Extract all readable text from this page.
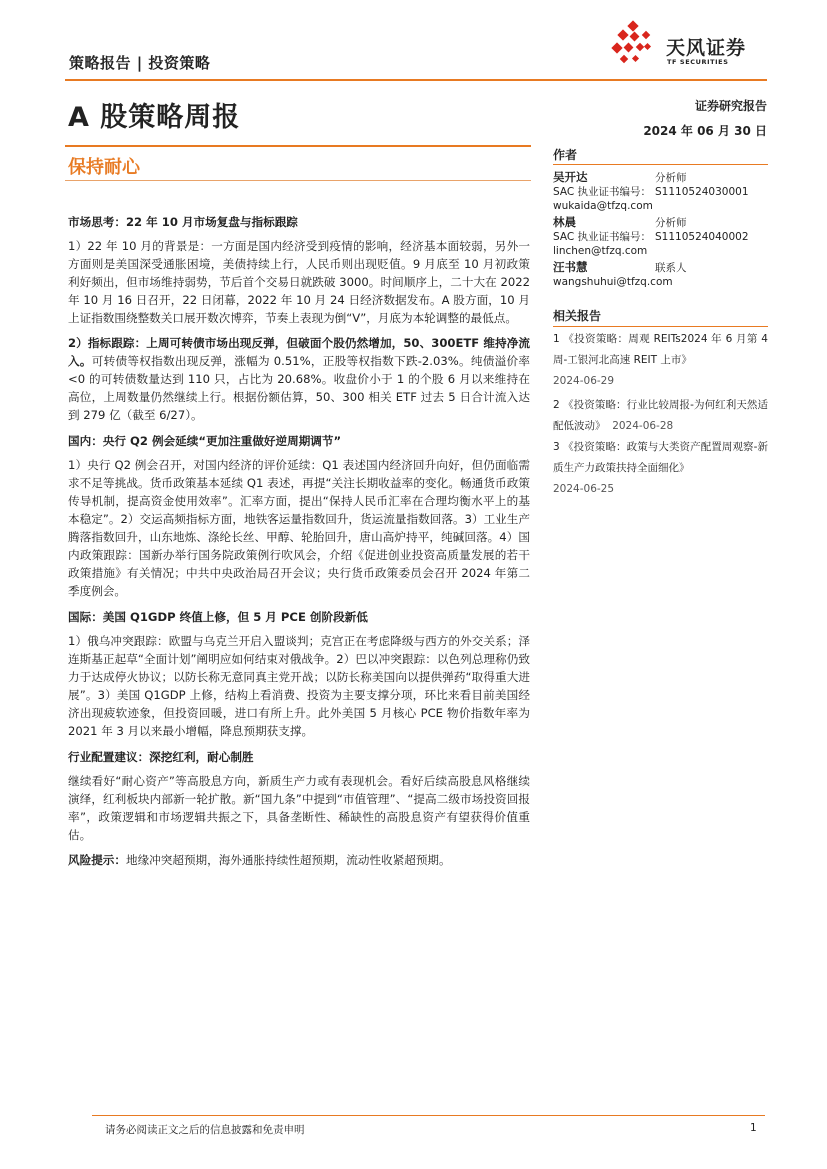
策略报告 | 投资策略
天风证券
TF SECURITIES
A 股策略周报	证券研究报告
2024 年 06 月 30 日
保持耐心
市场思考：22 年 10 月市场复盘与指标跟踪

1）22 年 10 月的背景是：一方面是国内经济受到疫情的影响，经济基本面较弱，另外一方面则是美国深受通胀困境，美债持续上行，人民币则出现贬值。9 月底至 10 月初政策利好频出，但市场维持弱势，节后首个交易日就跌破 3000。时间顺序上，二十大在 2022 年 10 月 16 日召开，22 日闭幕，2022 年 10 月 24 日经济数据发布。A 股方面，10 月上证指数围绕整数关口展开数次博弈，节奏上表现为倒“V”，月底为本轮调整的最低点。

2）指标跟踪：上周可转债市场出现反弹，但破面个股仍然增加，50、300ETF 维持净流入。可转债等权指数出现反弹，涨幅为 0.51%，正股等权指数下跌-2.03%。纯债溢价率<0 的可转债数量达到 110 只，占比为 20.68%。收盘价小于 1 的个股 6 月以来维持在高位，上周数量仍然继续上行。根据份额估算，50、300 相关 ETF 过去 5 日合计流入达到 279 亿（截至 6/27）。

国内：央行 Q2 例会延续“更加注重做好逆周期调节”

1）央行 Q2 例会召开，对国内经济的评价延续：Q1 表述国内经济回升向好，但仍面临需求不足等挑战。货币政策基本延续 Q1 表述，再提“关注长期收益率的变化。畅通货币政策传导机制，提高资金使用效率”。汇率方面，提出“保持人民币汇率在合理均衡水平上的基本稳定”。2）交运高频指标方面，地铁客运量指数回升，货运流量指数回落。3）工业生产腾落指数回升，山东地炼、涤纶长丝、甲醇、轮胎回升，唐山高炉持平，纯碱回落。4）国内政策跟踪：国新办举行国务院政策例行吹风会，介绍《促进创业投资高质量发展的若干政策措施》有关情况；中共中央政治局召开会议；央行货币政策委员会召开 2024 年第二季度例会。

国际：美国 Q1GDP 终值上修，但 5 月 PCE 创阶段新低

1）俄乌冲突跟踪：欧盟与乌克兰开启入盟谈判；克宫正在考虑降级与西方的外交关系；泽连斯基正起草“全面计划”阐明应如何结束对俄战争。2）巴以冲突跟踪：以色列总理称仍致力于达成停火协议；以防长称无意同真主党开战；以防长称美国向以提供弹药“取得重大进展”。3）美国 Q1GDP 上修，结构上看消费、投资为主要支撑分项，环比来看目前美国经济出现疲软迹象，但投资回暖，进口有所上升。此外美国 5 月核心 PCE 物价指数年率为 2021 年 3 月以来最小增幅，降息预期获支撑。

行业配置建议：深挖红利，耐心制胜

继续看好“耐心资产”等高股息方向，新质生产力或有表现机会。看好后续高股息风格继续演绎，红利板块内部新一轮扩散。新“国九条”中提到“市值管理”、“提高二级市场投资回报率”，政策逻辑和市场逻辑共振之下，具备垄断性、稀缺性的高股息资产有望获得价值重估。

风险提示：地缘冲突超预期，海外通胀持续性超预期，流动性收紧超预期。

作者
吴开达	分析师
SAC 执业证书编号： S1110524030001
wukaida@tfzq.com
林晨	分析师
SAC 执业证书编号： S1110524040002
linchen@tfzq.com
汪书慧	联系人
wangshuhui@tfzq.com
相关报告
1 《投资策略：周观 REITs2024 年 6 月第 4 周-工银河北高速 REIT 上市》
2024-06-29
2 《投资策略：行业比较周报-为何红利天然适配低波动》 2024-06-28
3 《投资策略：政策与大类资产配置周观察-新质生产力政策扶持全面细化》
2024-06-25
请务必阅读正文之后的信息披露和免责申明	1
